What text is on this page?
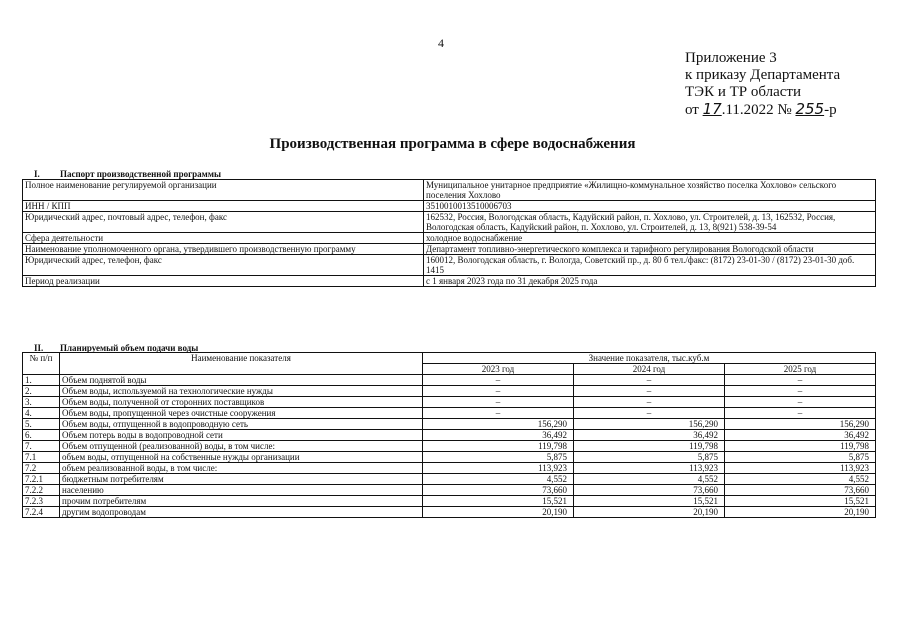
4
Приложение 3
к приказу Департамента
ТЭК и ТР области
от 17.11.2022 № 255-р
Производственная программа в сфере водоснабжения
I. Паспорт производственной программы
Полное наименование регулируемой организации	Муниципальное унитарное предприятие «Жилищно-коммунальное хозяйство поселка Хохлово» сельского поселения Хохлово
ИНН / КПП	3510010013510006703
Юридический адрес, почтовый адрес, телефон, факс	162532, Россия, Вологодская область, Кадуйский район, п. Хохлово, ул. Строителей, д. 13, 162532, Россия, Вологодская область, Кадуйский район, п. Хохлово, ул. Строителей, д. 13, 8(921) 538-39-54
Сфера деятельности	холодное водоснабжение
Наименование уполномоченного органа, утвердившего производственную программу	Департамент топливно-энергетического комплекса и тарифного регулирования Вологодской области
Юридический адрес, телефон, факс	160012, Вологодская область, г. Вологда, Советский пр., д. 80 б тел./факс: (8172) 23-01-30 / (8172) 23-01-30 доб. 1415
Период реализации	с 1 января 2023 года по 31 декабря 2025 года
II. Планируемый объем подачи воды
№ п/п	Наименование показателя	Значение показателя, тыс.куб.м		
		2023 год	2024 год	2025 год
1.	Объем поднятой воды	–	–	–
2.	Объем воды, используемой на технологические нужды	–	–	–
3.	Объем воды, полученной от сторонних поставщиков	–	–	–
4.	Объем воды, пропущенной через очистные сооружения	–	–	–
5.	Объем воды, отпущенной в водопроводную сеть	156,290	156,290	156,290
6.	Объем потерь воды в водопроводной сети	36,492	36,492	36,492
7.	Объем отпущенной (реализованной) воды, в том числе:	119,798	119,798	119,798
7.1	объем воды, отпущенной на собственные нужды организации	5,875	5,875	5,875
7.2	объем реализованной воды, в том числе:	113,923	113,923	113,923
7.2.1	бюджетным потребителям	4,552	4,552	4,552
7.2.2	населению	73,660	73,660	73,660
7.2.3	прочим потребителям	15,521	15,521	15,521
7.2.4	другим водопроводам	20,190	20,190	20,190
